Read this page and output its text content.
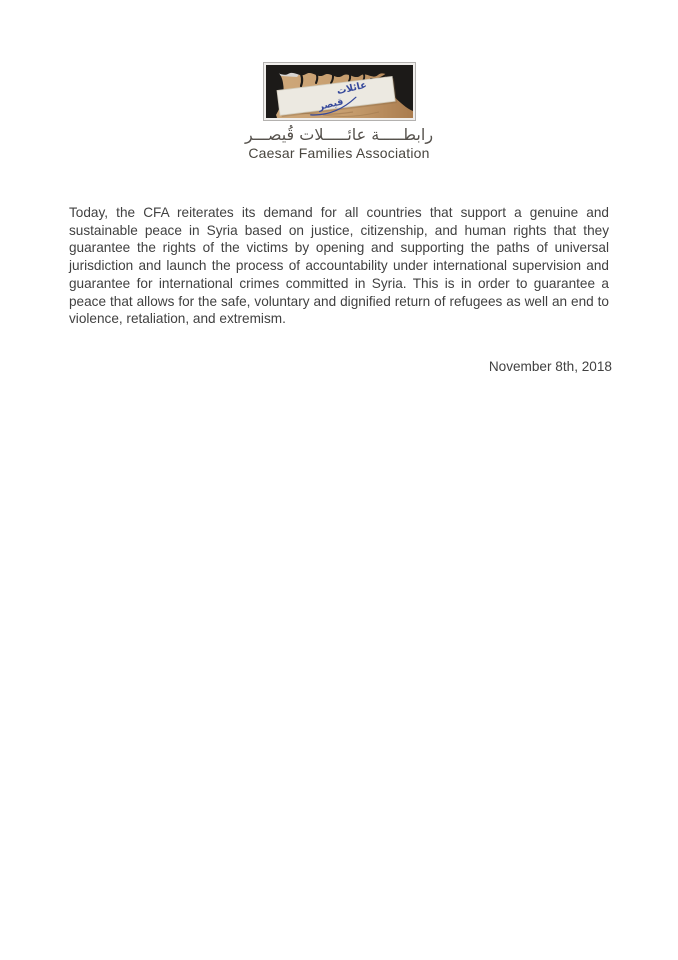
عائلات
قيصر
رابطـــــة عائـــــلات قُيصـــر
Caesar Families Association

Today, the CFA reiterates its demand for all countries that support a genuine and sustainable peace in Syria based on justice, citizenship, and human rights that they guarantee the rights of the victims by opening and supporting the paths of universal jurisdiction and launch the process of accountability under international supervision and guarantee for international crimes committed in Syria. This is in order to guarantee a peace that allows for the safe, voluntary and dignified return of refugees as well an end to violence, retaliation, and extremism.

November 8th, 2018
